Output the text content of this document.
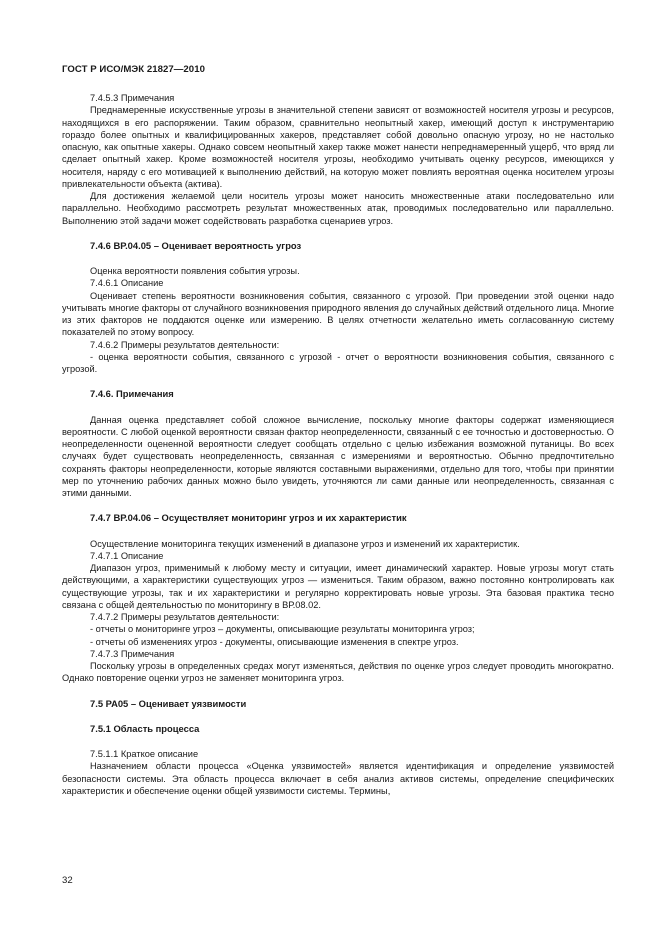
ГОСТ Р ИСО/МЭК 21827—2010

7.4.5.3 Примечания

Преднамеренные искусственные угрозы в значительной степени зависят от возможностей носителя угрозы и ресурсов, находящихся в его распоряжении. Таким образом, сравнительно неопытный хакер, имеющий доступ к инструментарию гораздо более опытных и квалифицированных хакеров, представляет собой довольно опасную угрозу, но не настолько опасную, как опытные хакеры. Однако совсем неопытный хакер также может нанести непреднамеренный ущерб, что вряд ли сделает опытный хакер. Кроме возможностей носителя угрозы, необходимо учитывать оценку ресурсов, имеющихся у носителя, наряду с его мотивацией к выполнению действий, на которую может повлиять вероятная оценка носителем угрозы привлекательности объекта (актива).

Для достижения желаемой цели носитель угрозы может наносить множественные атаки последовательно или параллельно. Необходимо рассмотреть результат множественных атак, проводимых последовательно или параллельно. Выполнению этой задачи может содействовать разработка сценариев угроз.

7.4.6 ВР.04.05 – Оценивает вероятность угроз

Оценка вероятности появления события угрозы.

7.4.6.1 Описание

Оценивает степень вероятности возникновения события, связанного с угрозой. При проведении этой оценки надо учитывать многие факторы от случайного возникновения природного явления до случайных действий отдельного лица. Многие из этих факторов не поддаются оценке или измерению. В целях отчетности желательно иметь согласованную систему показателей по этому вопросу.

7.4.6.2 Примеры результатов деятельности:

- оценка вероятности события, связанного с угрозой - отчет о вероятности возникновения события, связанного с угрозой.

7.4.6. Примечания

Данная оценка представляет собой сложное вычисление, поскольку многие факторы содержат изменяющиеся вероятности. С любой оценкой вероятности связан фактор неопределенности, связанный с ее точностью и достоверностью. О неопределенности оцененной вероятности следует сообщать отдельно с целью избежания возможной путаницы. Во всех случаях будет существовать неопределенность, связанная с измерениями и вероятностью. Обычно предпочтительно сохранять факторы неопределенности, которые являются составными выражениями, отдельно для того, чтобы при принятии мер по уточнению рабочих данных можно было увидеть, уточняются ли сами данные или неопределенность, связанная с этими данными.

7.4.7 ВР.04.06 – Осуществляет мониторинг угроз и их характеристик

Осуществление мониторинга текущих изменений в диапазоне угроз и изменений их характеристик.

7.4.7.1 Описание

Диапазон угроз, применимый к любому месту и ситуации, имеет динамический характер. Новые угрозы могут стать действующими, а характеристики существующих угроз — измениться. Таким образом, важно постоянно контролировать как существующие угрозы, так и их характеристики и регулярно корректировать новые угрозы. Эта базовая практика тесно связана с общей деятельностью по мониторингу в ВР.08.02.

7.4.7.2 Примеры результатов деятельности:

- отчеты о мониторинге угроз – документы, описывающие результаты мониторинга угроз;

- отчеты об изменениях угроз - документы, описывающие изменения в спектре угроз.

7.4.7.3 Примечания

Поскольку угрозы в определенных средах могут изменяться, действия по оценке угроз следует проводить многократно. Однако повторение оценки угроз не заменяет мониторинга угроз.

7.5 РА05 – Оценивает уязвимости

7.5.1 Область процесса

7.5.1.1 Краткое описание

Назначением области процесса «Оценка уязвимостей» является идентификация и определение уязвимостей безопасности системы. Эта область процесса включает в себя анализ активов системы, определение специфических характеристик и обеспечение оценки общей уязвимости системы. Термины,

32
